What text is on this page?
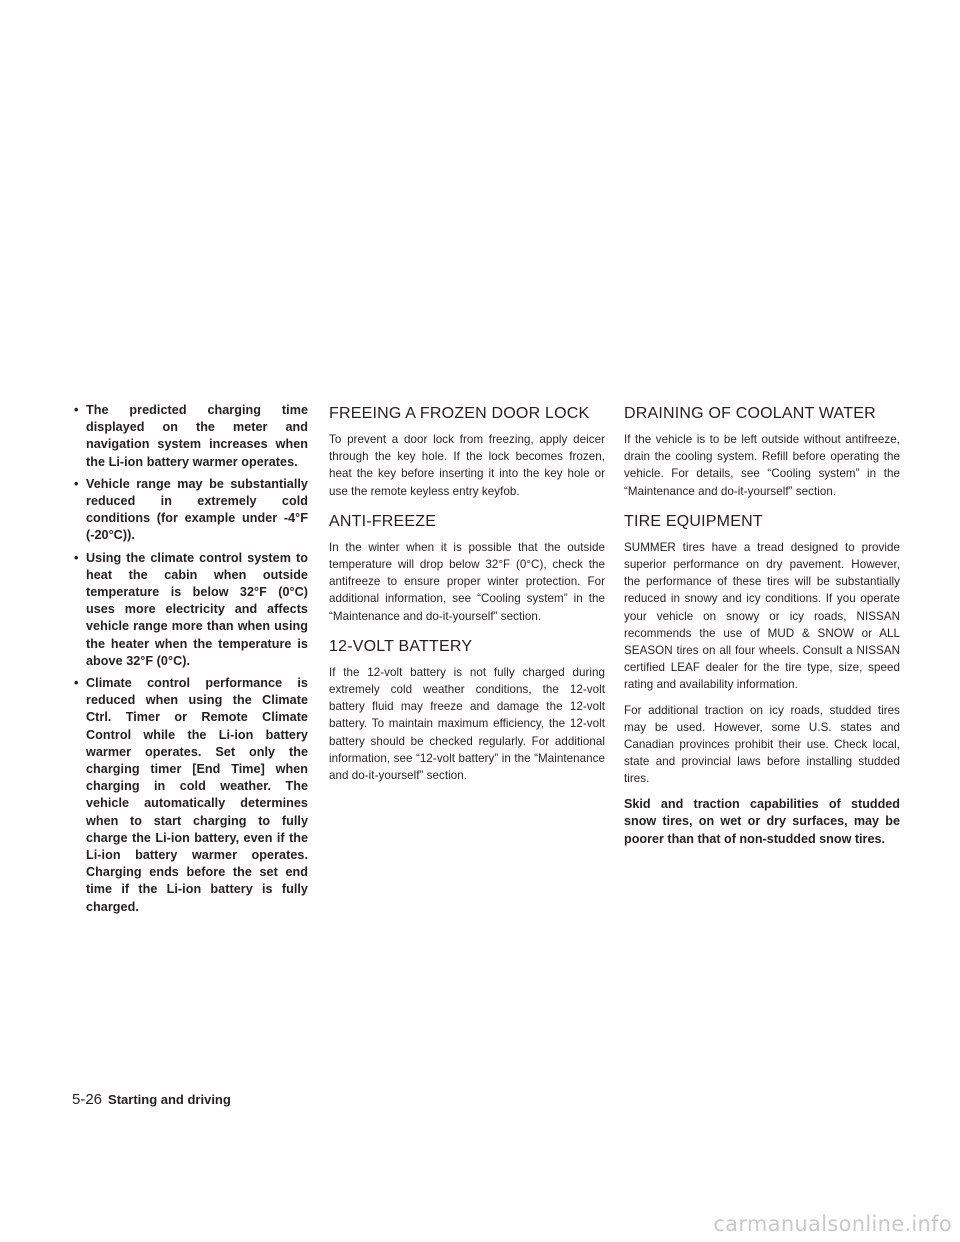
• The predicted charging time displayed on the meter and navigation system increases when the Li-ion battery warmer operates.
• Vehicle range may be substantially reduced in extremely cold conditions (for example under -4°F (-20°C)).
• Using the climate control system to heat the cabin when outside temperature is below 32°F (0°C) uses more electricity and affects vehicle range more than when using the heater when the temperature is above 32°F (0°C).
• Climate control performance is reduced when using the Climate Ctrl. Timer or Remote Climate Control while the Li-ion battery warmer operates. Set only the charging timer [End Time] when charging in cold weather. The vehicle automatically determines when to start charging to fully charge the Li-ion battery, even if the Li-ion battery warmer operates. Charging ends before the set end time if the Li-ion battery is fully charged.
FREEING A FROZEN DOOR LOCK

To prevent a door lock from freezing, apply deicer through the key hole. If the lock becomes frozen, heat the key before inserting it into the key hole or use the remote keyless entry keyfob.

ANTI-FREEZE

In the winter when it is possible that the outside temperature will drop below 32°F (0°C), check the antifreeze to ensure proper winter protection. For additional information, see “Cooling system” in the “Maintenance and do-it-yourself” section.

12-VOLT BATTERY

If the 12-volt battery is not fully charged during extremely cold weather conditions, the 12-volt battery fluid may freeze and damage the 12-volt battery. To maintain maximum efficiency, the 12-volt battery should be checked regularly. For additional information, see “12-volt battery” in the “Maintenance and do-it-yourself” section.

DRAINING OF COOLANT WATER

If the vehicle is to be left outside without antifreeze, drain the cooling system. Refill before operating the vehicle. For details, see “Cooling system” in the “Maintenance and do-it-yourself” section.

TIRE EQUIPMENT

SUMMER tires have a tread designed to provide superior performance on dry pavement. However, the performance of these tires will be substantially reduced in snowy and icy conditions. If you operate your vehicle on snowy or icy roads, NISSAN recommends the use of MUD & SNOW or ALL SEASON tires on all four wheels. Consult a NISSAN certified LEAF dealer for the tire type, size, speed rating and availability information.

For additional traction on icy roads, studded tires may be used. However, some U.S. states and Canadian provinces prohibit their use. Check local, state and provincial laws before installing studded tires.

Skid and traction capabilities of studded snow tires, on wet or dry surfaces, may be poorer than that of non-studded snow tires.

5-26 Starting and driving
carmanualsonline.info
